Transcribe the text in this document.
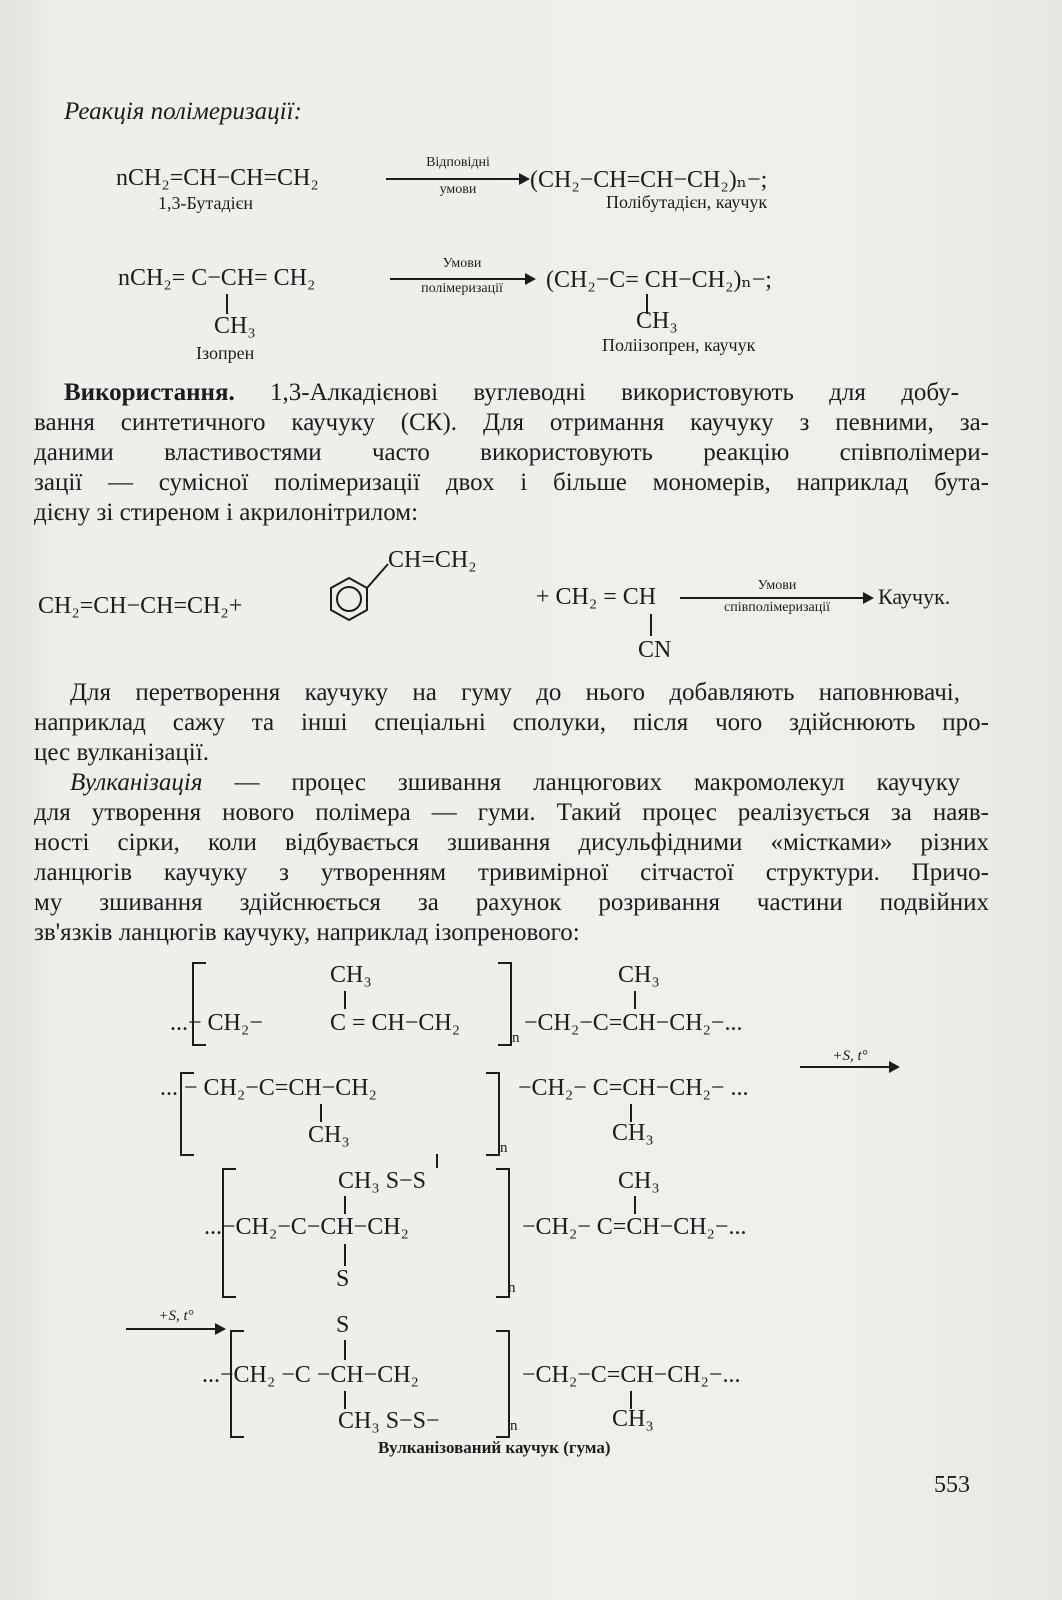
Реакція полімеризації:
nCH₂=CH−CH=CH₂
1,3-Бутадієн
Відповідні
умови	(CH₂−CH=CH−CH₂)ₙ−;
Полібутадієн, каучук
nCH₂= C−CH= CH₂
CH₃
Ізопрен
Умови
полімеризації	(CH₂−C= CH−CH₂)ₙ−;
CH₃
Поліізопрен, каучук
Використання. 1,3-Алкадієнові вуглеводні використовують для добу-
вання синтетичного каучуку (СК). Для отримання каучуку з певними, за-
даними властивостями часто використовують реакцію співполімери-
зації — сумісної полімеризації двох і більше мономерів, наприклад бута-
дієну зі стиреном і акрилонітрилом:
CH₂=CH−CH=CH₂+
CH=CH₂
+ CH₂ = CH
CN
Умови
співполімеризації	Каучук.
Для перетворення каучуку на гуму до нього добавляють наповнювачі,
наприклад сажу та інші спеціальні сполуки, після чого здійснюють про-
цес вулканізації.
Вулканізація — процес зшивання ланцюгових макромолекул каучуку
для утворення нового полімера — гуми. Такий процес реалізується за наяв-
ності сірки, коли відбувається зшивання дисульфідними «містками» різних
ланцюгів каучуку з утворенням тривимірної сітчастої структури. Причо-
му зшивання здійснюється за рахунок розривання частини подвійних
зв'язків ланцюгів каучуку, наприклад ізопренового:
CH₃
...− CH₂−	C = CH−CH₂
n
−CH₂−C=CH−CH₂−...
CH₃
+S, t°
... − CH₂−C=CH−CH₂
CH₃	n
−CH₂− C=CH−CH₂− ...
CH₃
CH₃ S−S
...−CH₂−C−CH−CH₂
n
−CH₂− C=CH−CH₂−...
CH₃
S
+S, t°	S
...−CH₂ −C −CH−CH₂
n
−CH₂−C=CH−CH₂−...
CH₃
CH₃ S−S−
Вулканізований каучук (гума)
553
